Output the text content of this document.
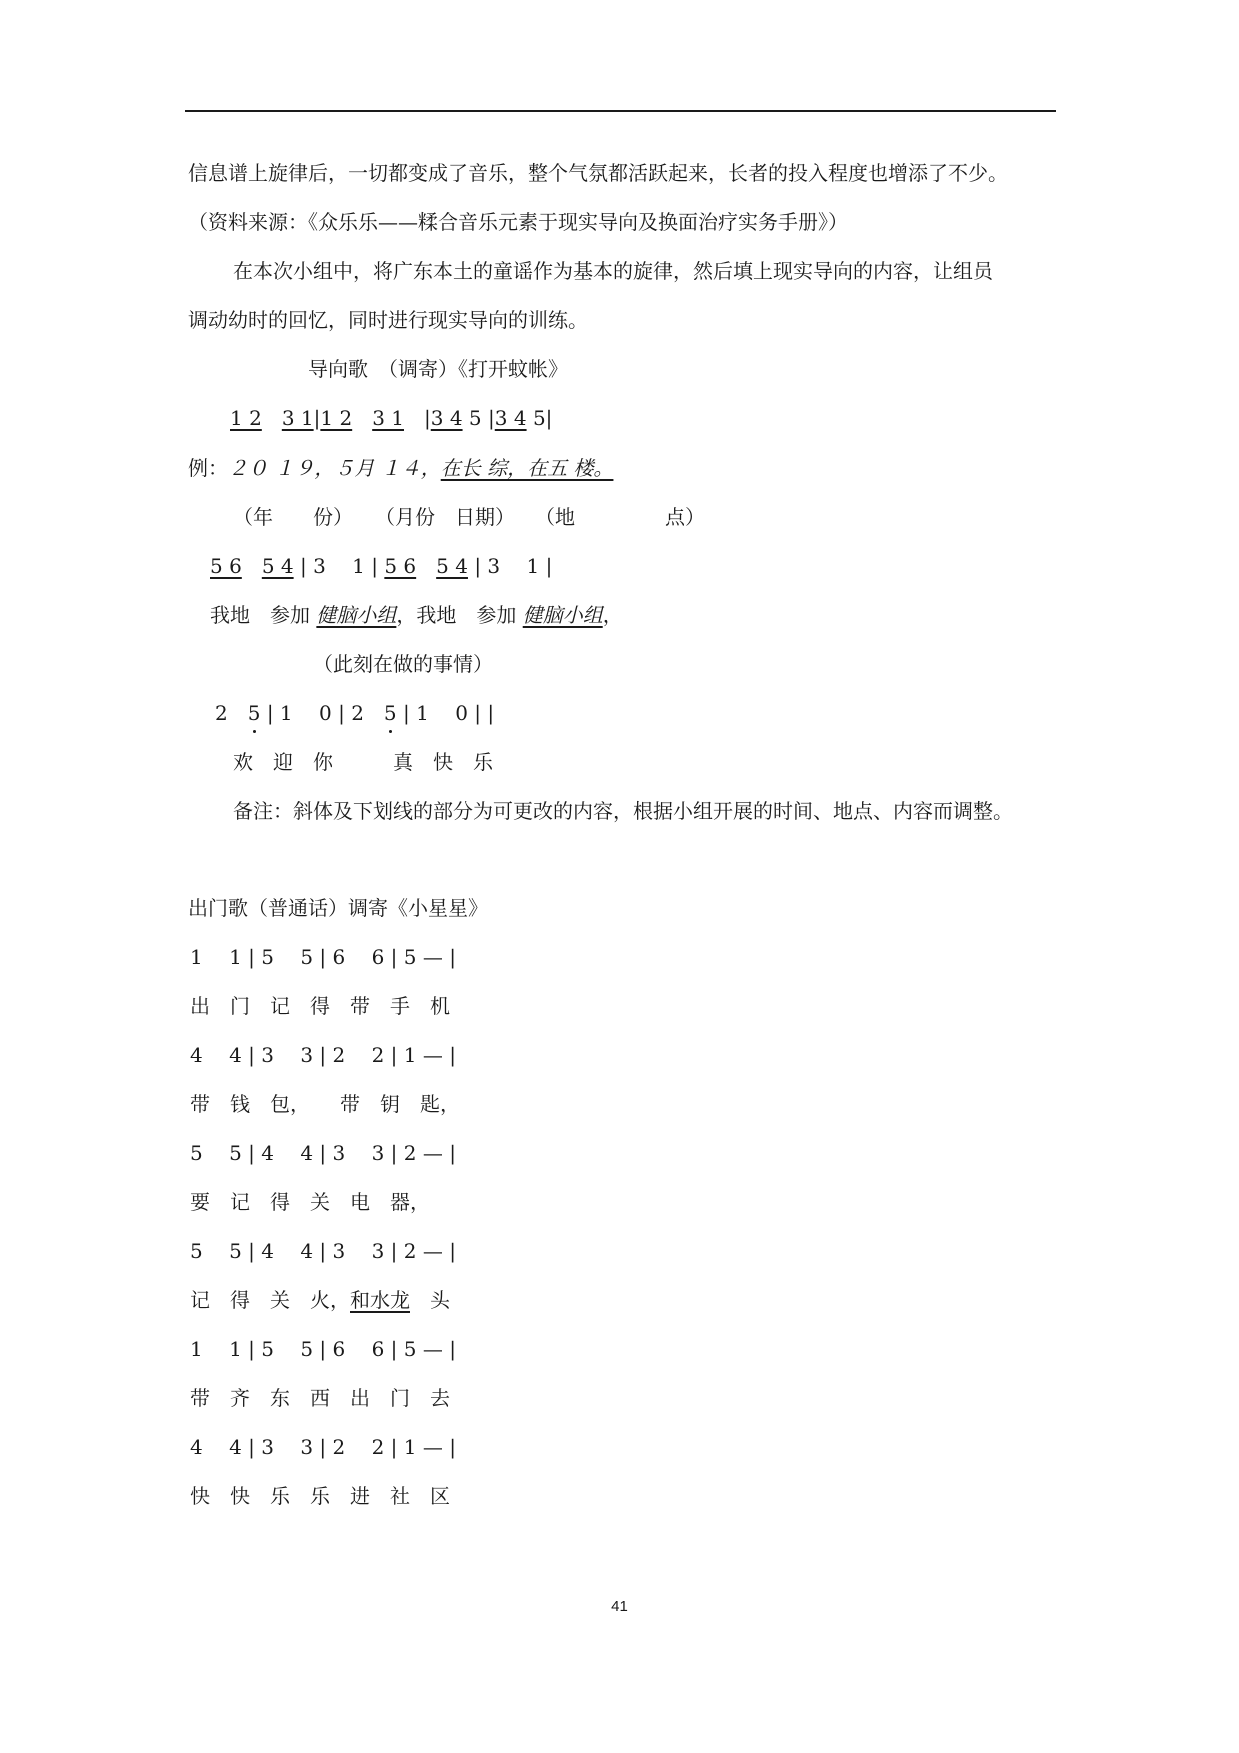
信息谱上旋律后，一切都变成了音乐，整个气氛都活跃起来，长者的投入程度也增添了不少。
（资料来源：《众乐乐——糅合音乐元素于现实导向及换面治疗实务手册》）
在本次小组中，将广东本土的童谣作为基本的旋律，然后填上现实导向的内容，让组员
调动幼时的回忆，同时进行现实导向的训练。
导向歌　（调寄）《打开蚊帐》
1 2　 3 1|1 2　 3 1　|3 4 5 |3 4 5|
例：２０ １９，５月 １４，在长 综，在五 楼。
（年　　份） （月份　日期） （地	点）
5 6　 5 4 | 3　 1 | 5 6　 5 4 | 3　 1 |
我地　参加 健脑小组，我地　参加 健脑小组，
（此刻在做的事情）
2　 5 | 1　 0 | 2　 5 | 1　 0 | |
欢　迎　你　　　真　快　乐
备注：斜体及下划线的部分为可更改的内容，根据小组开展的时间、地点、内容而调整。
出门歌（普通话）调寄《小星星》
1　 1 | 5　 5 | 6　 6 | 5 — |
出　门　记　得　带　手　机
4　 4 | 3　 3 | 2　 2 | 1 — |
带　钱　包，　　带　钥　匙，
5　 5 | 4　 4 | 3　 3 | 2 — |
要　记　得　关　电　器，
5　 5 | 4　 4 | 3　 3 | 2 — |
记　得　关　火，和水龙　头
1　 1 | 5　 5 | 6　 6 | 5 — |
带　齐　东　西　出　门　去
4　 4 | 3　 3 | 2　 2 | 1 — |
快　快　乐　乐　进　社　区
41
